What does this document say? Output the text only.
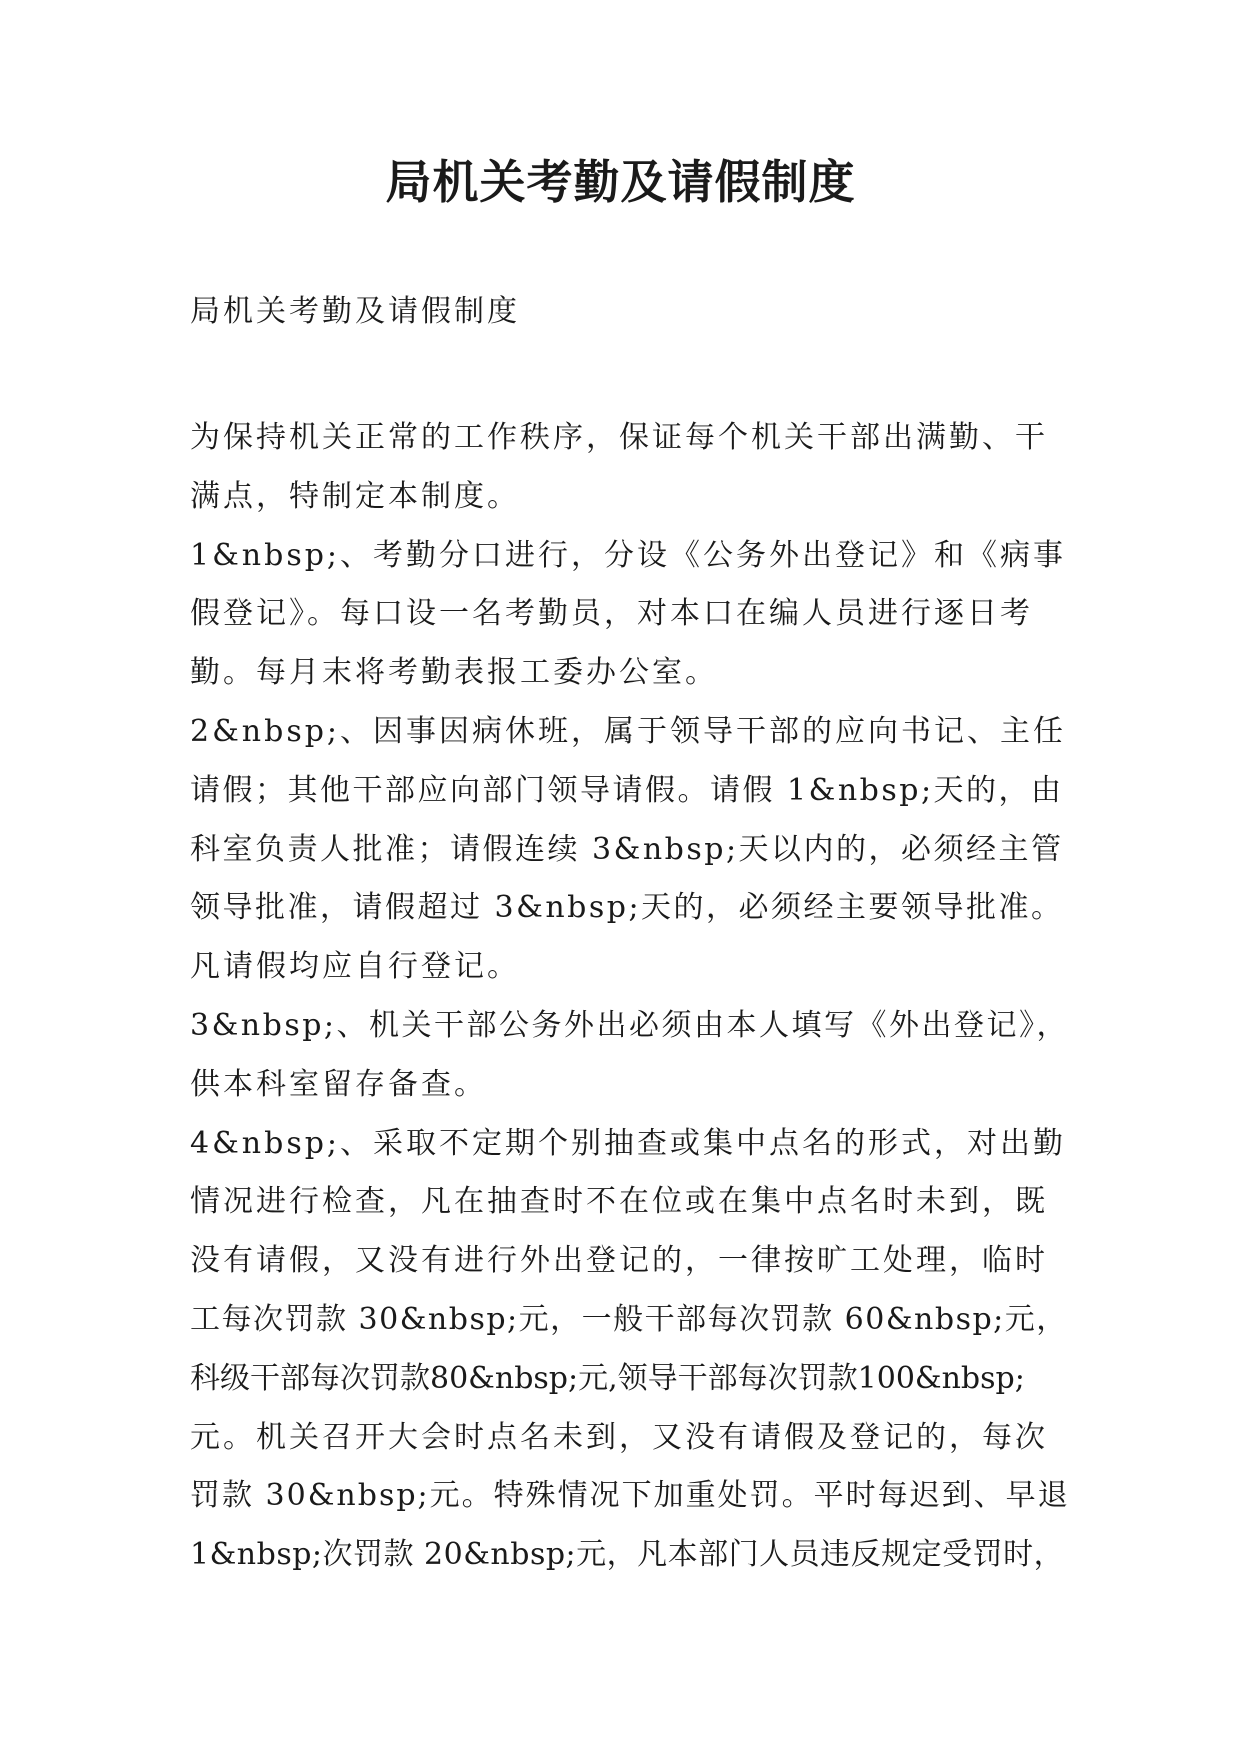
局机关考勤及请假制度

局机关考勤及请假制度

为保持机关正常的工作秩序，保证每个机关干部出满勤、干

满点，特制定本制度。

1&nbsp;、考勤分口进行，分设《公务外出登记》和《病事

假登记》。每口设一名考勤员，对本口在编人员进行逐日考

勤。每月末将考勤表报工委办公室。

2&nbsp;、因事因病休班，属于领导干部的应向书记、主任

请假；其他干部应向部门领导请假。请假 1&nbsp;天的，由

科室负责人批准；请假连续 3&nbsp;天以内的，必须经主管

领导批准，请假超过 3&nbsp;天的，必须经主要领导批准。

凡请假均应自行登记。

3&nbsp;、机关干部公务外出必须由本人填写《外出登记》，

供本科室留存备查。

4&nbsp;、采取不定期个别抽查或集中点名的形式，对出勤

情况进行检查，凡在抽查时不在位或在集中点名时未到，既

没有请假，又没有进行外出登记的，一律按旷工处理，临时

工每次罚款 30&nbsp;元，一般干部每次罚款 60&nbsp;元，

科级干部每次罚款80&nbsp;元,领导干部每次罚款100&nbsp;

元。机关召开大会时点名未到，又没有请假及登记的，每次

罚款 30&nbsp;元。特殊情况下加重处罚。平时每迟到、早退

1&nbsp;次罚款 20&nbsp;元，凡本部门人员违反规定受罚时，
